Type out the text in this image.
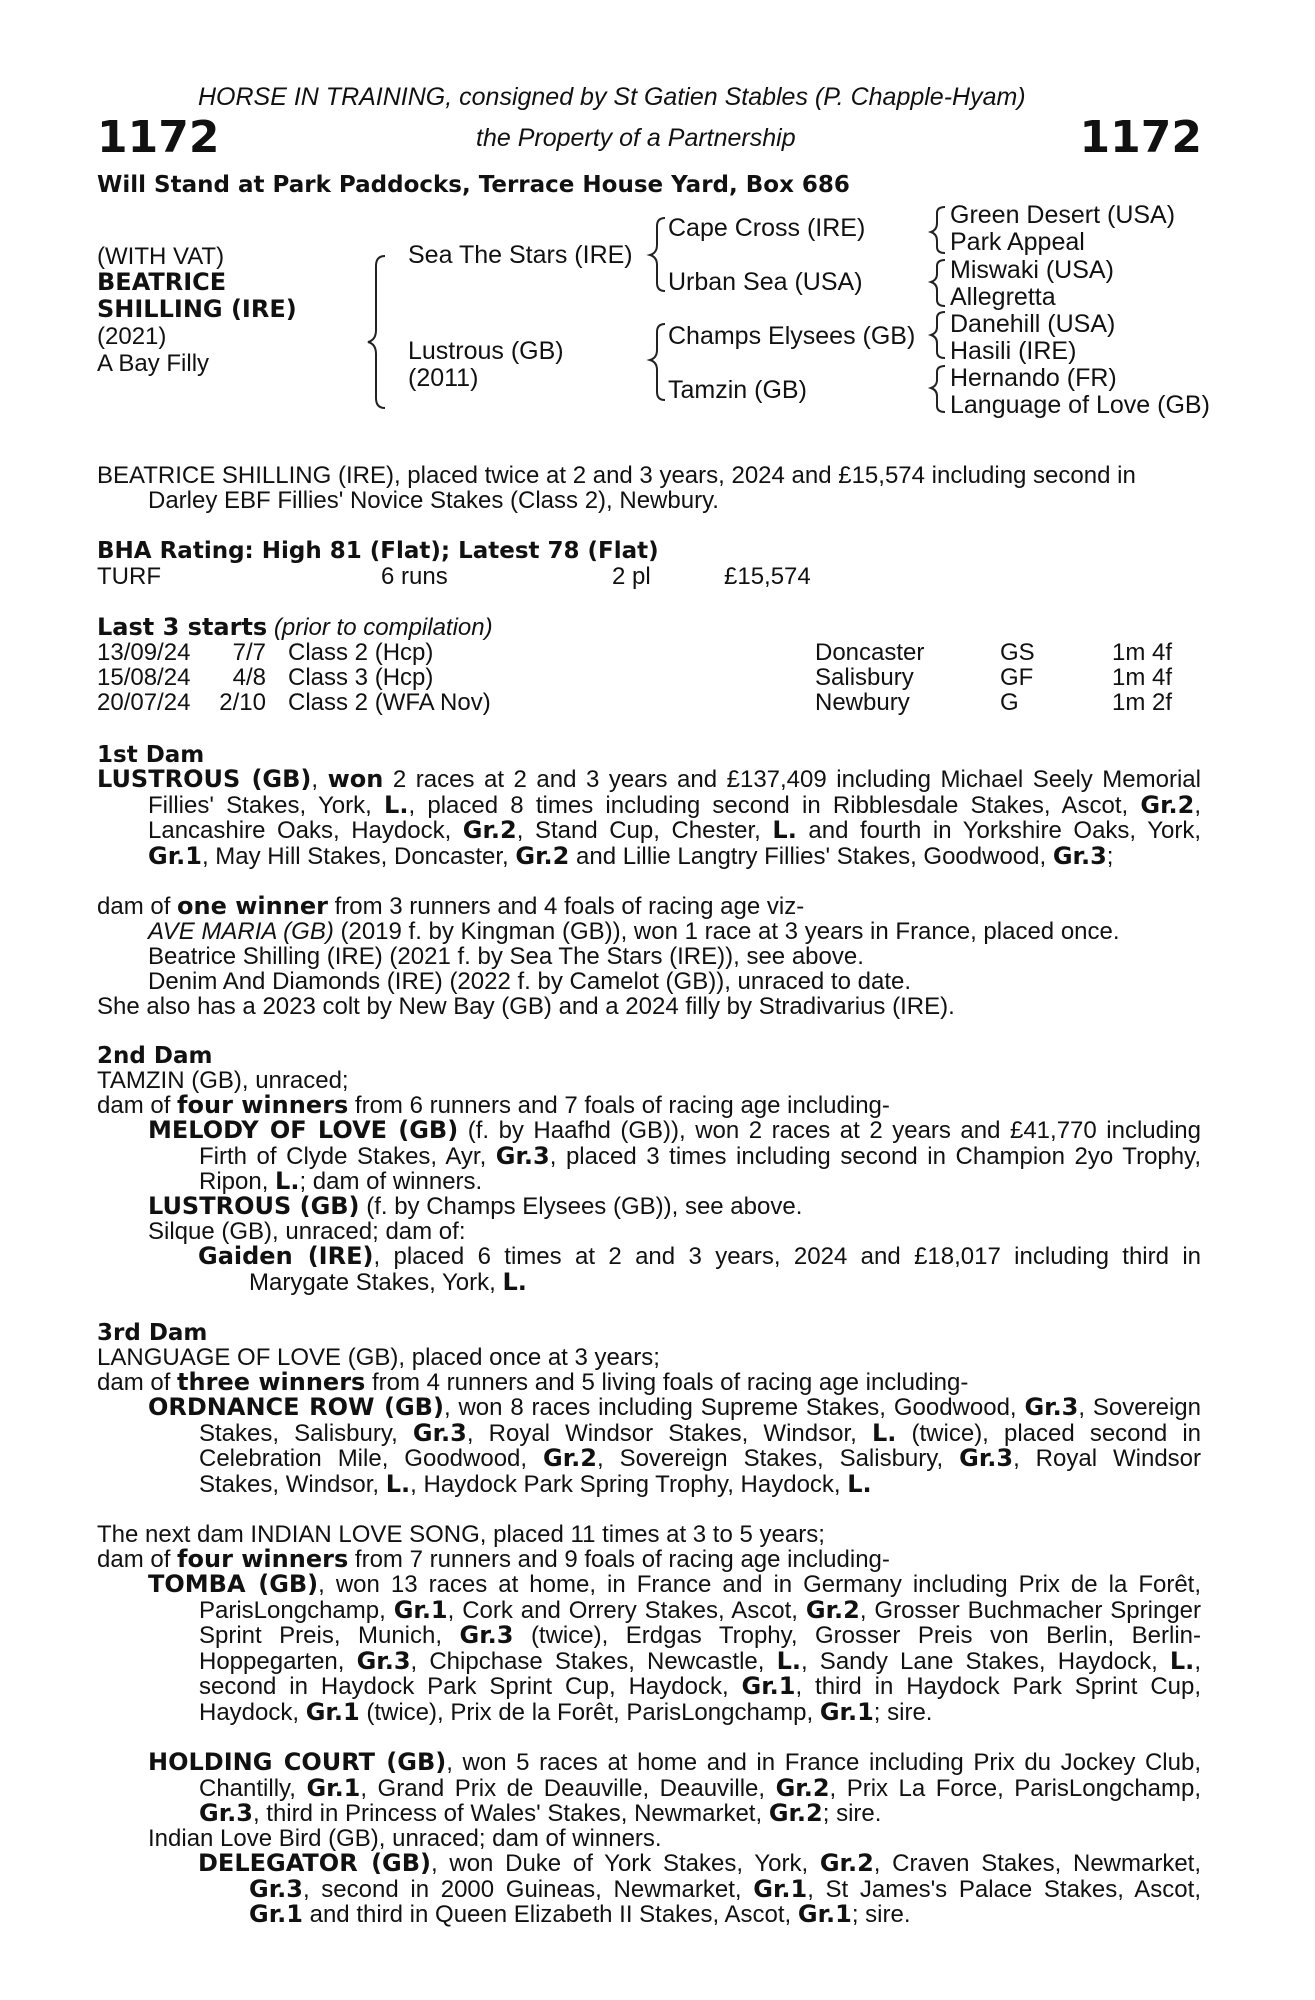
HORSE IN TRAINING, consigned by St Gatien Stables (P. Chapple-Hyam)
1172	the Property of a Partnership	1172
Will Stand at Park Paddocks, Terrace House Yard, Box 686
(WITH VAT)
BEATRICE
SHILLING (IRE)
(2021)
A Bay Filly
Sea The Stars (IRE)
Lustrous (GB)
(2011)
Cape Cross (IRE)
Urban Sea (USA)
Champs Elysees (GB)
Tamzin (GB)
Green Desert (USA)
Park Appeal
Miswaki (USA)
Allegretta
Danehill (USA)
Hasili (IRE)
Hernando (FR)
Language of Love (GB)
BEATRICE SHILLING (IRE), placed twice at 2 and 3 years, 2024 and £15,574 including second in
Darley EBF Fillies' Novice Stakes (Class 2), Newbury.
BHA Rating: High 81 (Flat); Latest 78 (Flat)
TURF	6 runs	2 pl	£15,574
Last 3 starts (prior to compilation)
13/09/24	7/7 Class 2 (Hcp)	Doncaster	GS	1m 4f
15/08/24	4/8 Class 3 (Hcp)	Salisbury	GF	1m 4f
20/07/24	2/10 Class 2 (WFA Nov)	Newbury	G	1m 2f
1st Dam
LUSTROUS (GB), won 2 races at 2 and 3 years and £137,409 including Michael Seely Memorial Fillies' Stakes, York, L., placed 8 times including second in Ribblesdale Stakes, Ascot, Gr.2, Lancashire Oaks, Haydock, Gr.2, Stand Cup, Chester, L. and fourth in Yorkshire Oaks, York, Gr.1, May Hill Stakes, Doncaster, Gr.2 and Lillie Langtry Fillies' Stakes, Goodwood, Gr.3;
dam of one winner from 3 runners and 4 foals of racing age viz-
AVE MARIA (GB) (2019 f. by Kingman (GB)), won 1 race at 3 years in France, placed once.
Beatrice Shilling (IRE) (2021 f. by Sea The Stars (IRE)), see above.
Denim And Diamonds (IRE) (2022 f. by Camelot (GB)), unraced to date.
She also has a 2023 colt by New Bay (GB) and a 2024 filly by Stradivarius (IRE).
2nd Dam
TAMZIN (GB), unraced;
dam of four winners from 6 runners and 7 foals of racing age including-
MELODY OF LOVE (GB) (f. by Haafhd (GB)), won 2 races at 2 years and £41,770 including Firth of Clyde Stakes, Ayr, Gr.3, placed 3 times including second in Champion 2yo Trophy, Ripon, L.; dam of winners.
LUSTROUS (GB) (f. by Champs Elysees (GB)), see above.
Silque (GB), unraced; dam of:
Gaiden (IRE), placed 6 times at 2 and 3 years, 2024 and £18,017 including third in Marygate Stakes, York, L.
3rd Dam
LANGUAGE OF LOVE (GB), placed once at 3 years;
dam of three winners from 4 runners and 5 living foals of racing age including-
ORDNANCE ROW (GB), won 8 races including Supreme Stakes, Goodwood, Gr.3, Sovereign Stakes, Salisbury, Gr.3, Royal Windsor Stakes, Windsor, L. (twice), placed second in Celebration Mile, Goodwood, Gr.2, Sovereign Stakes, Salisbury, Gr.3, Royal Windsor Stakes, Windsor, L., Haydock Park Spring Trophy, Haydock, L.
The next dam INDIAN LOVE SONG, placed 11 times at 3 to 5 years;
dam of four winners from 7 runners and 9 foals of racing age including-
TOMBA (GB), won 13 races at home, in France and in Germany including Prix de la Forêt, ParisLongchamp, Gr.1, Cork and Orrery Stakes, Ascot, Gr.2, Grosser Buchmacher Springer Sprint Preis, Munich, Gr.3 (twice), Erdgas Trophy, Grosser Preis von Berlin, Berlin-Hoppegarten, Gr.3, Chipchase Stakes, Newcastle, L., Sandy Lane Stakes, Haydock, L., second in Haydock Park Sprint Cup, Haydock, Gr.1, third in Haydock Park Sprint Cup, Haydock, Gr.1 (twice), Prix de la Forêt, ParisLongchamp, Gr.1; sire.
HOLDING COURT (GB), won 5 races at home and in France including Prix du Jockey Club, Chantilly, Gr.1, Grand Prix de Deauville, Deauville, Gr.2, Prix La Force, ParisLongchamp, Gr.3, third in Princess of Wales' Stakes, Newmarket, Gr.2; sire.
Indian Love Bird (GB), unraced; dam of winners.
DELEGATOR (GB), won Duke of York Stakes, York, Gr.2, Craven Stakes, Newmarket, Gr.3, second in 2000 Guineas, Newmarket, Gr.1, St James's Palace Stakes, Ascot, Gr.1 and third in Queen Elizabeth II Stakes, Ascot, Gr.1; sire.
